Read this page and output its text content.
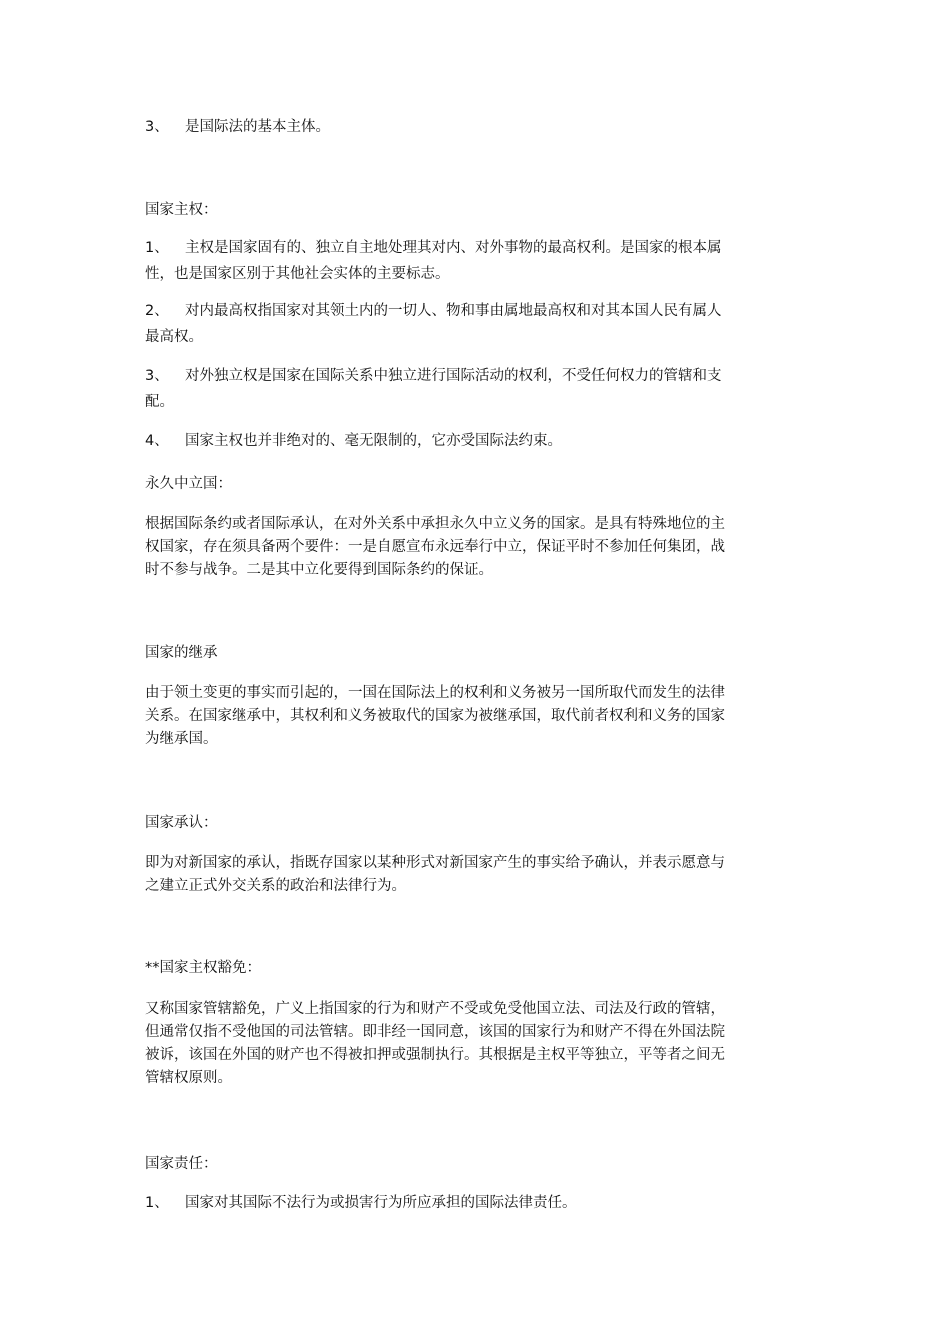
3、 是国际法的基本主体。
国家主权：
1、 主权是国家固有的、独立自主地处理其对内、对外事物的最高权利。是国家的根本属
性，也是国家区别于其他社会实体的主要标志。
2、 对内最高权指国家对其领土内的一切人、物和事由属地最高权和对其本国人民有属人
最高权。
3、 对外独立权是国家在国际关系中独立进行国际活动的权利，不受任何权力的管辖和支
配。
4、 国家主权也并非绝对的、毫无限制的，它亦受国际法约束。
永久中立国：

根据国际条约或者国际承认，在对外关系中承担永久中立义务的国家。是具有特殊地位的主

权国家，存在须具备两个要件：一是自愿宣布永远奉行中立，保证平时不参加任何集团，战

时不参与战争。二是其中立化要得到国际条约的保证。

国家的继承

由于领土变更的事实而引起的，一国在国际法上的权利和义务被另一国所取代而发生的法律

关系。在国家继承中，其权利和义务被取代的国家为被继承国，取代前者权利和义务的国家

为继承国。

国家承认：

即为对新国家的承认，指既存国家以某种形式对新国家产生的事实给予确认，并表示愿意与

之建立正式外交关系的政治和法律行为。

**国家主权豁免：

又称国家管辖豁免，广义上指国家的行为和财产不受或免受他国立法、司法及行政的管辖，

但通常仅指不受他国的司法管辖。即非经一国同意，该国的国家行为和财产不得在外国法院

被诉，该国在外国的财产也不得被扣押或强制执行。其根据是主权平等独立，平等者之间无

管辖权原则。

国家责任：
1、 国家对其国际不法行为或损害行为所应承担的国际法律责任。
